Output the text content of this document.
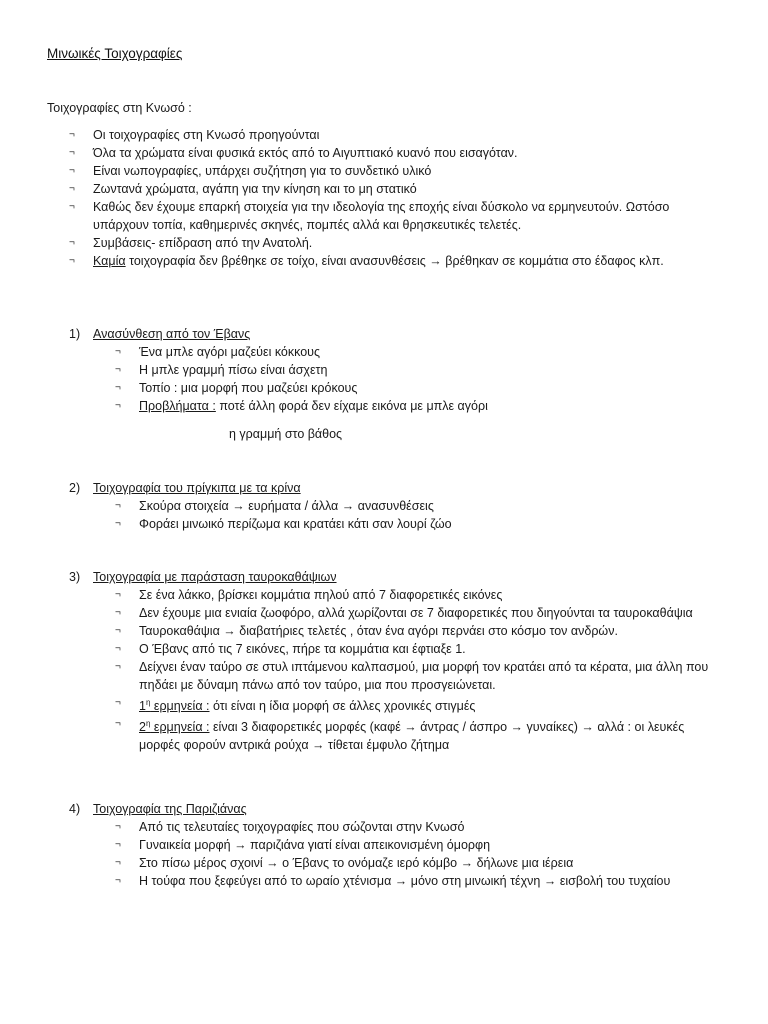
Μινωικές Τοιχογραφίες
Τοιχογραφίες στη Κνωσό :
¬ Οι τοιχογραφίες στη Κνωσό προηγούνται
¬ Όλα τα χρώματα είναι φυσικά εκτός από το Αιγυπτιακό κυανό που εισαγόταν.
¬ Είναι νωπογραφίες, υπάρχει συζήτηση για το συνδετικό υλικό
¬ Ζωντανά χρώματα, αγάπη για την κίνηση και το μη στατικό
¬ Καθώς δεν έχουμε επαρκή στοιχεία για την ιδεολογία της εποχής είναι δύσκολο να ερμηνευτούν. Ωστόσο υπάρχουν τοπία, καθημερινές σκηνές, πομπές αλλά και θρησκευτικές τελετές.
¬ Συμβάσεις- επίδραση από την Ανατολή.
¬ Καμία τοιχογραφία δεν βρέθηκε σε τοίχο, είναι ανασυνθέσεις → βρέθηκαν σε κομμάτια στο έδαφος κλπ.
1) Ανασύνθεση από τον Έβανς
¬ Ένα μπλε αγόρι μαζεύει κόκκους
¬ Η μπλε γραμμή πίσω είναι άσχετη
¬ Τοπίο : μια μορφή που μαζεύει κρόκους
¬ Προβλήματα : ποτέ άλλη φορά δεν είχαμε εικόνα με μπλε αγόρι
η γραμμή στο βάθος
2) Τοιχογραφία του πρίγκιπα με τα κρίνα
¬ Σκούρα στοιχεία → ευρήματα / άλλα → ανασυνθέσεις
¬ Φοράει μινωικό περίζωμα και κρατάει κάτι σαν λουρί ζώο
3) Τοιχογραφία με παράσταση ταυροκαθάψιων
¬ Σε ένα λάκκο, βρίσκει κομμάτια πηλού από 7 διαφορετικές εικόνες
¬ Δεν έχουμε μια ενιαία ζωοφόρο, αλλά χωρίζονται σε 7 διαφορετικές που διηγούνται τα ταυροκαθάψια
¬ Ταυροκαθάψια → διαβατήριες τελετές , όταν ένα αγόρι περνάει στο κόσμο τον ανδρών.
¬ Ο Έβανς από τις 7 εικόνες, πήρε τα κομμάτια και έφτιαξε 1.
¬ Δείχνει έναν ταύρο σε στυλ ιπτάμενου καλπασμού, μια μορφή τον κρατάει από τα κέρατα, μια άλλη που πηδάει με δύναμη πάνω από τον ταύρο, μια που προσγειώνεται.
¬ $1^\eta$ ερμηνεία : ότι είναι η ίδια μορφή σε άλλες χρονικές στιγμές
¬ $2^\eta$ ερμηνεία : είναι 3 διαφορετικές μορφές (καφέ → άντρας / άσπρο → γυναίκες) → αλλά : οι λευκές μορφές φορούν αντρικά ρούχα → τίθεται έμφυλο ζήτημα
4) Τοιχογραφία της Παριζιάνας
¬ Από τις τελευταίες τοιχογραφίες που σώζονται στην Κνωσό
¬ Γυναικεία μορφή → παριζιάνα γιατί είναι απεικονισμένη όμορφη
¬ Στο πίσω μέρος σχοινί → ο Έβανς το ονόμαζε ιερό κόμβο → δήλωνε μια ιέρεια
¬ Η τούφα που ξεφεύγει από το ωραίο χτένισμα → μόνο στη μινωική τέχνη → εισβολή του τυχαίου
